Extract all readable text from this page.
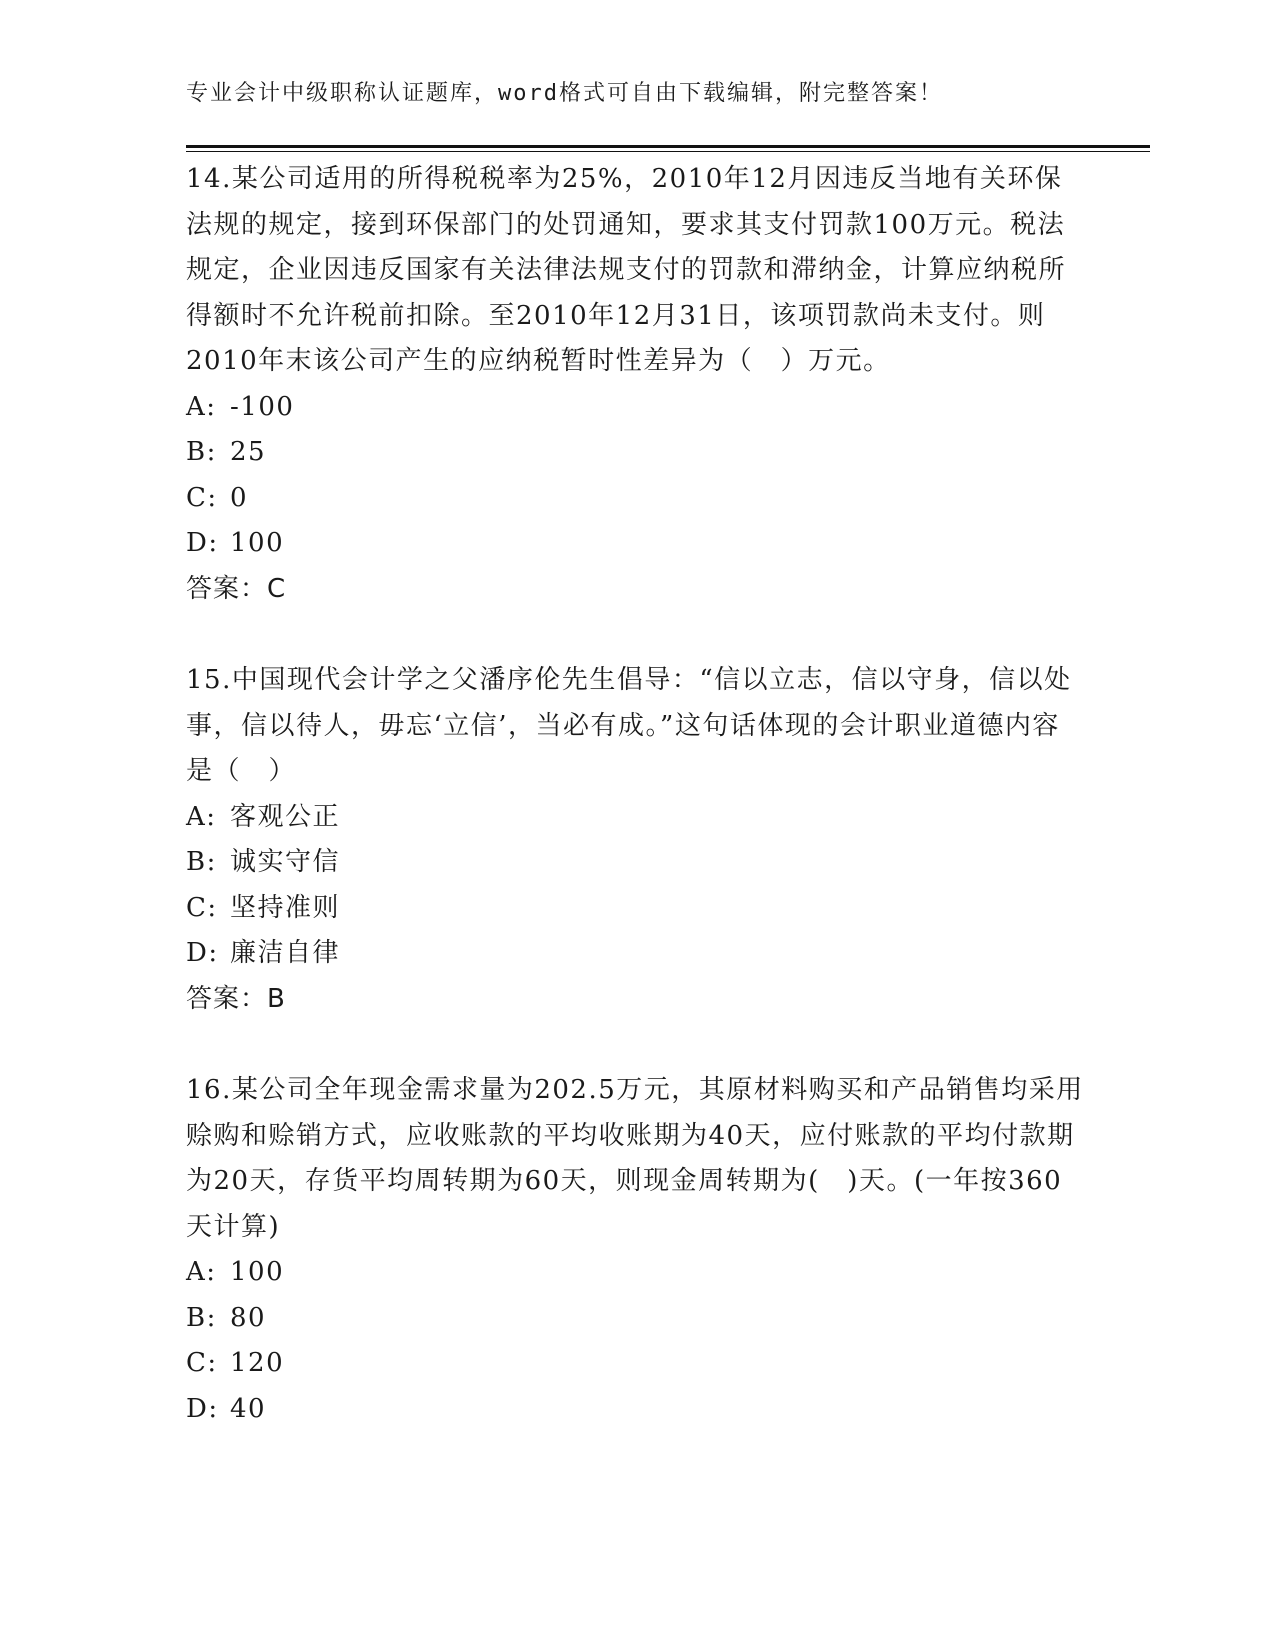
专业会计中级职称认证题库，word格式可自由下载编辑，附完整答案！

14.某公司适用的所得税税率为25%，2010年12月因违反当地有关环保法规的规定，接到环保部门的处罚通知，要求其支付罚款100万元。税法规定，企业因违反国家有关法律法规支付的罚款和滞纳金，计算应纳税所得额时不允许税前扣除。至2010年12月31日，该项罚款尚未支付。则2010年末该公司产生的应纳税暂时性差异为（　）万元。

A: -100

B: 25

C: 0

D: 100

答案：C

15.中国现代会计学之父潘序伦先生倡导：“信以立志，信以守身，信以处事，信以待人，毋忘‘立信’，当必有成。”这句话体现的会计职业道德内容是（　）

A: 客观公正

B: 诚实守信

C: 坚持准则

D: 廉洁自律

答案：B

16.某公司全年现金需求量为202.5万元，其原材料购买和产品销售均采用赊购和赊销方式，应收账款的平均收账期为40天，应付账款的平均付款期为20天，存货平均周转期为60天，则现金周转期为(　)天。(一年按360天计算)

A: 100

B: 80

C: 120

D: 40
